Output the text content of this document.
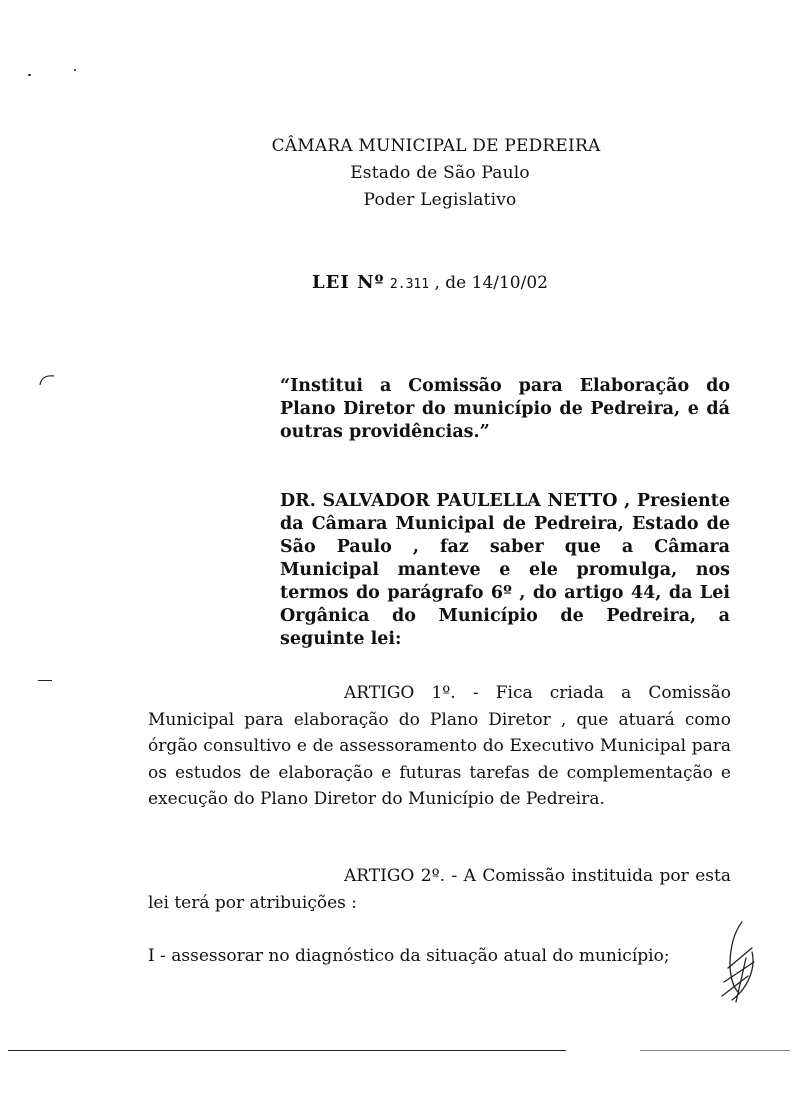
CÂMARA MUNICIPAL DE PEDREIRA
Estado de São Paulo
Poder Legislativo
LEI Nº 2.311 , de 14/10/02
“Institui a Comissão para Elaboração do Plano Diretor do município de Pedreira, e dá outras providências.”
DR. SALVADOR PAULELLA NETTO , Presiente da Câmara Municipal de Pedreira, Estado de São Paulo , faz saber que a Câmara Municipal manteve e ele promulga, nos termos do parágrafo 6º , do artigo 44, da Lei Orgânica do Município de Pedreira, a seguinte lei:
ARTIGO 1º. - Fica criada a Comissão Municipal para elaboração do Plano Diretor , que atuará como órgão consultivo e de assessoramento do Executivo Municipal para os estudos de elaboração e futuras tarefas de complementação e execução do Plano Diretor do Município de Pedreira.
ARTIGO 2º. - A Comissão instituida por esta lei terá por atribuições :
I - assessorar no diagnóstico da situação atual do município;
